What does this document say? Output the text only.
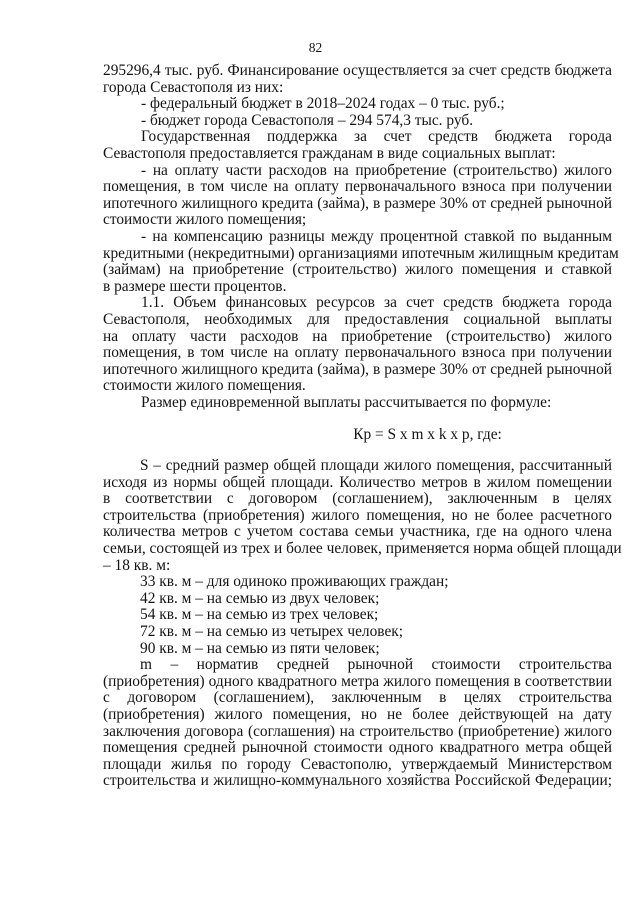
82
295296,4 тыс. руб. Финансирование осуществляется за счет средств бюджета
города Севастополя из них:
- федеральный бюджет в 2018–2024 годах – 0 тыс. руб.;
- бюджет города Севастополя – 294 574,3 тыс. руб.
Государственная поддержка за счет средств бюджета города
Севастополя предоставляется гражданам в виде социальных выплат:
- на оплату части расходов на приобретение (строительство) жилого
помещения, в том числе на оплату первоначального взноса при получении
ипотечного жилищного кредита (займа), в размере 30% от средней рыночной
стоимости жилого помещения;
- на компенсацию разницы между процентной ставкой по выданным
кредитными (некредитными) организациями ипотечным жилищным кредитам
(займам) на приобретение (строительство) жилого помещения и ставкой
в размере шести процентов.
1.1. Объем финансовых ресурсов за счет средств бюджета города
Севастополя, необходимых для предоставления социальной выплаты
на оплату части расходов на приобретение (строительство) жилого
помещения, в том числе на оплату первоначального взноса при получении
ипотечного жилищного кредита (займа), в размере 30% от средней рыночной
стоимости жилого помещения.
Размер единовременной выплаты рассчитывается по формуле:
Кр = S х m х k х p, где:
S – средний размер общей площади жилого помещения, рассчитанный
исходя из нормы общей площади. Количество метров в жилом помещении
в соответствии с договором (соглашением), заключенным в целях
строительства (приобретения) жилого помещения, но не более расчетного
количества метров с учетом состава семьи участника, где на одного члена
семьи, состоящей из трех и более человек, применяется норма общей площади
– 18 кв. м:
33 кв. м – для одиноко проживающих граждан;
42 кв. м – на семью из двух человек;
54 кв. м – на семью из трех человек;
72 кв. м – на семью из четырех человек;
90 кв. м – на семью из пяти человек;
m – норматив средней рыночной стоимости строительства
(приобретения) одного квадратного метра жилого помещения в соответствии
с договором (соглашением), заключенным в целях строительства
(приобретения) жилого помещения, но не более действующей на дату
заключения договора (соглашения) на строительство (приобретение) жилого
помещения средней рыночной стоимости одного квадратного метра общей
площади жилья по городу Севастополю, утверждаемый Министерством
строительства и жилищно-коммунального хозяйства Российской Федерации;
